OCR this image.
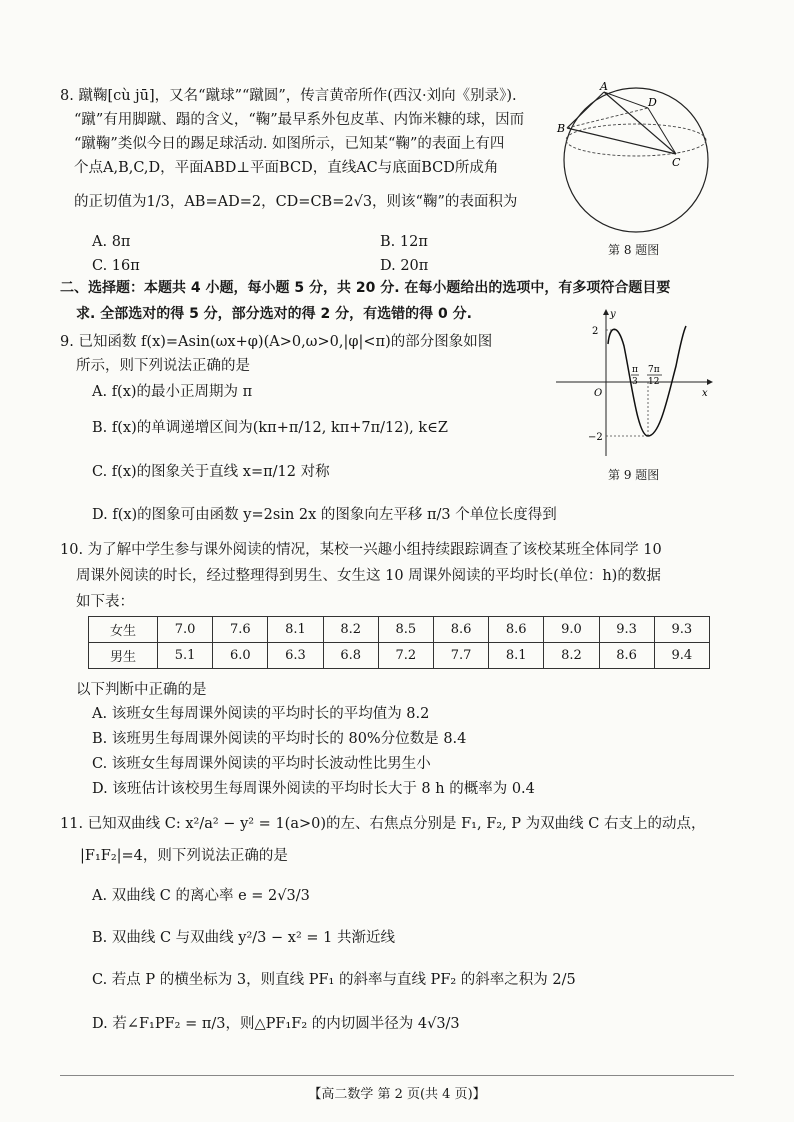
8. 蹴鞠[cù jū]，又名“蹴球”“蹴圆”，传言黄帝所作(西汉·刘向《别录》).
“蹴”有用脚蹴、蹋的含义，“鞠”最早系外包皮革、内饰米糠的球，因而
“蹴鞠”类似今日的踢足球活动. 如图所示，已知某“鞠”的表面上有四
个点A,B,C,D，平面ABD⊥平面BCD，直线AC与底面BCD所成角
的正切值为1/3，AB=AD=2，CD=CB=2√3，则该“鞠”的表面积为
A. 8π	B. 12π
C. 16π	D. 20π
A
B
C
D
第 8 题图
二、选择题：本题共 4 小题，每小题 5 分，共 20 分. 在每小题给出的选项中，有多项符合题目要
求. 全部选对的得 5 分，部分选对的得 2 分，有选错的得 0 分.
9. 已知函数 f(x)=Asin(ωx+φ)(A>0,ω>0,|φ|<π)的部分图象如图
所示，则下列说法正确的是
A. f(x)的最小正周期为 π
B. f(x)的单调递增区间为(kπ+π/12, kπ+7π/12), k∈Z
C. f(x)的图象关于直线 x=π/12 对称
D. f(x)的图象可由函数 y=2sin 2x 的图象向左平移 π/3 个单位长度得到
y
x
O
2
−2
π
3
7π
12
第 9 题图
10. 为了解中学生参与课外阅读的情况，某校一兴趣小组持续跟踪调查了该校某班全体同学 10
周课外阅读的时长，经过整理得到男生、女生这 10 周课外阅读的平均时长(单位：h)的数据
如下表：
女生	7.0	7.6	8.1	8.2	8.5	8.6	8.6	9.0	9.3	9.3
男生	5.1	6.0	6.3	6.8	7.2	7.7	8.1	8.2	8.6	9.4
以下判断中正确的是
A. 该班女生每周课外阅读的平均时长的平均值为 8.2
B. 该班男生每周课外阅读的平均时长的 80%分位数是 8.4
C. 该班女生每周课外阅读的平均时长波动性比男生小
D. 该班估计该校男生每周课外阅读的平均时长大于 8 h 的概率为 0.4
11. 已知双曲线 C: x²/a² − y² = 1(a>0)的左、右焦点分别是 F₁, F₂, P 为双曲线 C 右支上的动点，
|F₁F₂|=4，则下列说法正确的是
A. 双曲线 C 的离心率 e = 2√3/3
B. 双曲线 C 与双曲线 y²/3 − x² = 1 共渐近线
C. 若点 P 的横坐标为 3，则直线 PF₁ 的斜率与直线 PF₂ 的斜率之积为 2/5
D. 若∠F₁PF₂ = π/3，则△PF₁F₂ 的内切圆半径为 4√3/3
【高二数学 第 2 页(共 4 页)】
